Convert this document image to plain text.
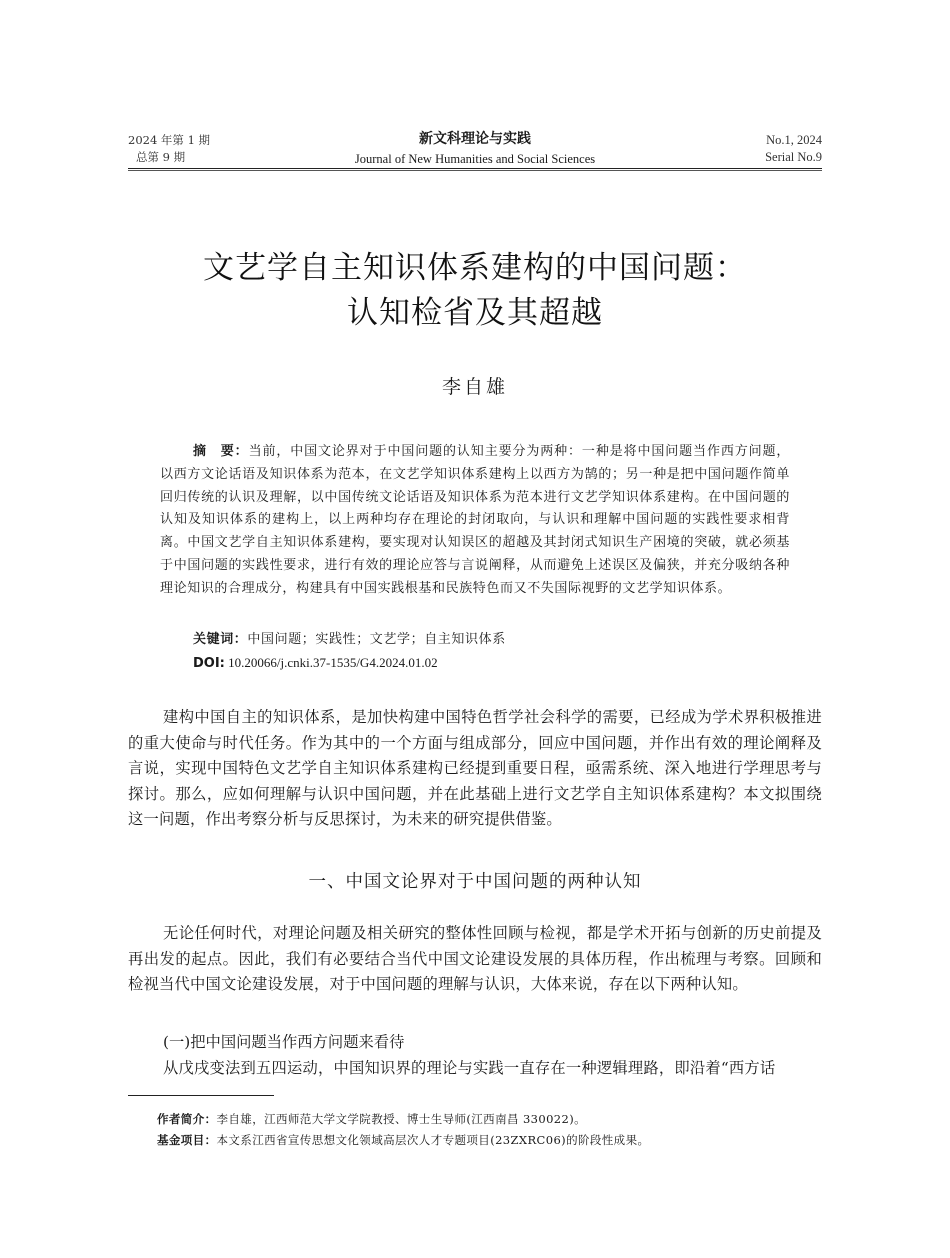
2024 年第 1 期
总第 9 期
新文科理论与实践
Journal of New Humanities and Social Sciences
No.1, 2024
Serial No.9
文艺学自主知识体系建构的中国问题：
认知检省及其超越
李自雄

摘　要：当前，中国文论界对于中国问题的认知主要分为两种：一种是将中国问题当作西方问题，以西方文论话语及知识体系为范本，在文艺学知识体系建构上以西方为鹄的；另一种是把中国问题作简单回归传统的认识及理解，以中国传统文论话语及知识体系为范本进行文艺学知识体系建构。在中国问题的认知及知识体系的建构上，以上两种均存在理论的封闭取向，与认识和理解中国问题的实践性要求相背离。中国文艺学自主知识体系建构，要实现对认知误区的超越及其封闭式知识生产困境的突破，就必须基于中国问题的实践性要求，进行有效的理论应答与言说阐释，从而避免上述误区及偏狭，并充分吸纳各种理论知识的合理成分，构建具有中国实践根基和民族特色而又不失国际视野的文艺学知识体系。

关键词：中国问题；实践性；文艺学；自主知识体系
DOI: 10.20066/j.cnki.37-1535/G4.2024.01.02

建构中国自主的知识体系，是加快构建中国特色哲学社会科学的需要，已经成为学术界积极推进的重大使命与时代任务。作为其中的一个方面与组成部分，回应中国问题，并作出有效的理论阐释及言说，实现中国特色文艺学自主知识体系建构已经提到重要日程，亟需系统、深入地进行学理思考与探讨。那么，应如何理解与认识中国问题，并在此基础上进行文艺学自主知识体系建构？本文拟围绕这一问题，作出考察分析与反思探讨，为未来的研究提供借鉴。

一、中国文论界对于中国问题的两种认知

无论任何时代，对理论问题及相关研究的整体性回顾与检视，都是学术开拓与创新的历史前提及再出发的起点。因此，我们有必要结合当代中国文论建设发展的具体历程，作出梳理与考察。回顾和检视当代中国文论建设发展，对于中国问题的理解与认识，大体来说，存在以下两种认知。

(一)把中国问题当作西方问题来看待

从戊戌变法到五四运动，中国知识界的理论与实践一直存在一种逻辑理路，即沿着“西方话

作者简介：李自雄，江西师范大学文学院教授、博士生导师(江西南昌 330022)。
基金项目：本文系江西省宣传思想文化领域高层次人才专题项目(23ZXRC06)的阶段性成果。
